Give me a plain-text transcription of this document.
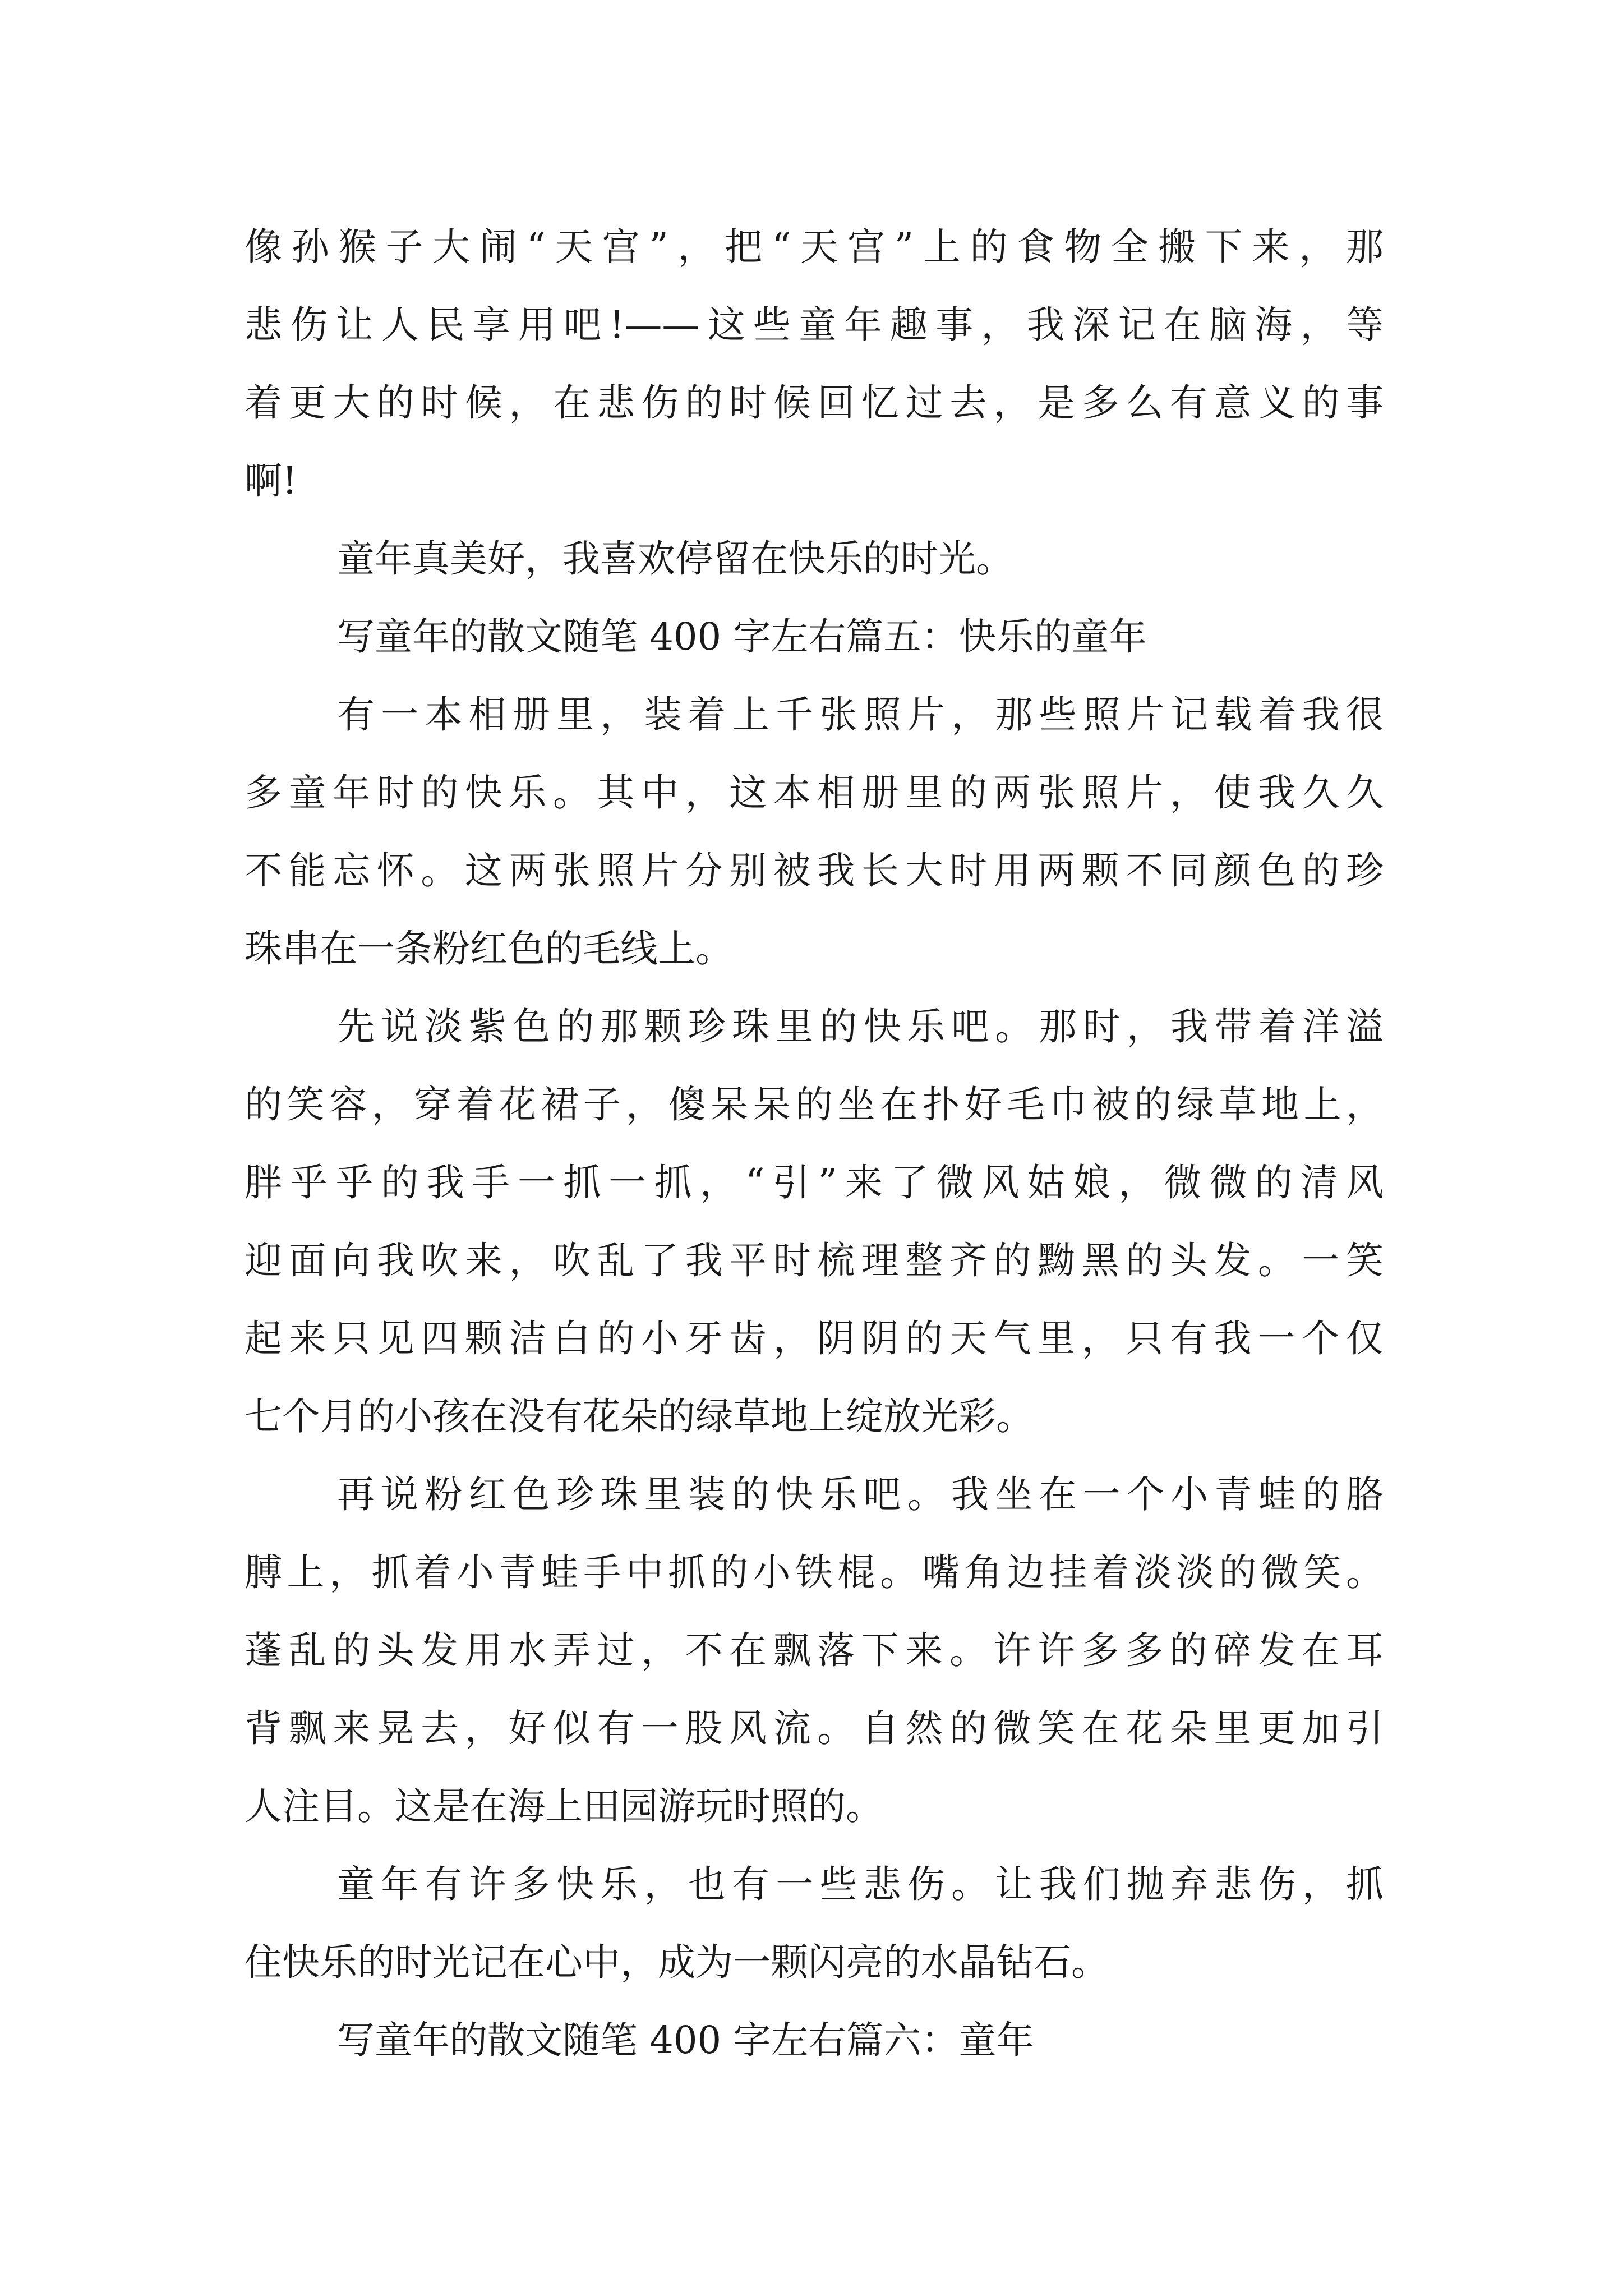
像孙猴子大闹“天宫”，把“天宫”上的食物全搬下来，那

悲伤让人民享用吧!——这些童年趣事，我深记在脑海，等

着更大的时候，在悲伤的时候回忆过去，是多么有意义的事

啊!

童年真美好，我喜欢停留在快乐的时光。

写童年的散文随笔 400 字左右篇五：快乐的童年

有一本相册里，装着上千张照片，那些照片记载着我很

多童年时的快乐。其中，这本相册里的两张照片，使我久久

不能忘怀。这两张照片分别被我长大时用两颗不同颜色的珍

珠串在一条粉红色的毛线上。

先说淡紫色的那颗珍珠里的快乐吧。那时，我带着洋溢

的笑容，穿着花裙子，傻呆呆的坐在扑好毛巾被的绿草地上，

胖乎乎的我手一抓一抓，“引”来了微风姑娘，微微的清风

迎面向我吹来，吹乱了我平时梳理整齐的黝黑的头发。一笑

起来只见四颗洁白的小牙齿，阴阴的天气里，只有我一个仅

七个月的小孩在没有花朵的绿草地上绽放光彩。

再说粉红色珍珠里装的快乐吧。我坐在一个小青蛙的胳

膊上，抓着小青蛙手中抓的小铁棍。嘴角边挂着淡淡的微笑。

蓬乱的头发用水弄过，不在飘落下来。许许多多的碎发在耳

背飘来晃去，好似有一股风流。自然的微笑在花朵里更加引

人注目。这是在海上田园游玩时照的。

童年有许多快乐，也有一些悲伤。让我们抛弃悲伤，抓

住快乐的时光记在心中，成为一颗闪亮的水晶钻石。

写童年的散文随笔 400 字左右篇六：童年
